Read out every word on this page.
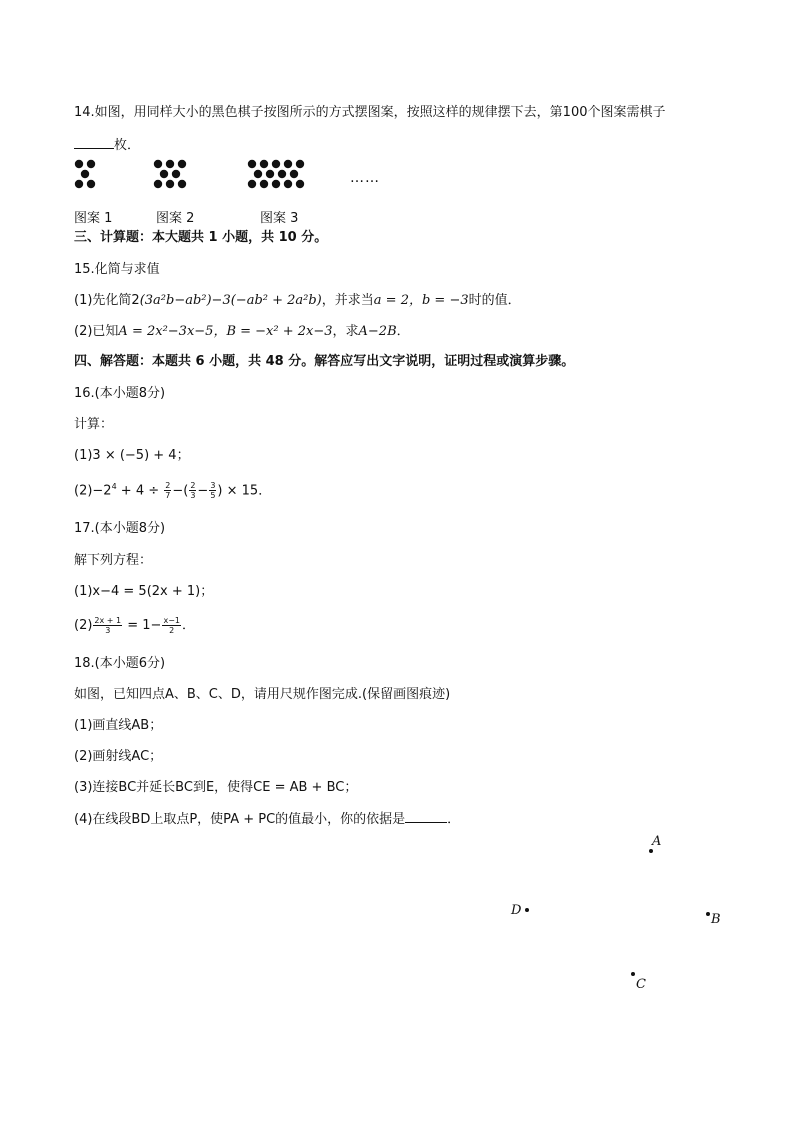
14.如图，用同样大小的黑色棋子按图所示的方式摆图案，按照这样的规律摆下去，第100个图案需棋子
枚．
……
图案 1	图案 2	图案 3
三、计算题：本大题共 1 小题，共 10 分。
15.化简与求值
(1)先化简2(3a²b−ab²)−3(−ab² + 2a²b)，并求当a = 2，b = −3时的值．
(2)已知A = 2x²−3x−5，B = −x² + 2x−3，求A−2B．
四、解答题：本题共 6 小题，共 48 分。解答应写出文字说明，证明过程或演算步骤。
16.(本小题8分)
计算：
(1)3 × (−5) + 4；
$(2)-2^4 + 4 \div \frac{2}{7}$ −( $\frac{2}{3} - \frac{3}{5}$ ) × 15．
17.(本小题8分)
解下列方程：
(1)x−4 = 5(2x + 1)；
$(2) \frac{2x + 1}{3} = 1- \frac{x-1}{2}$ ．
18.(本小题6分)
如图，已知四点A、B、C、D，请用尺规作图完成.(保留画图痕迹)
(1)画直线AB；
(2)画射线AC；
(3)连接BC并延长BC到E，使得CE = AB + BC；
(4)在线段BD上取点P，使PA + PC的值最小，你的依据是	．
A
D
B
C
